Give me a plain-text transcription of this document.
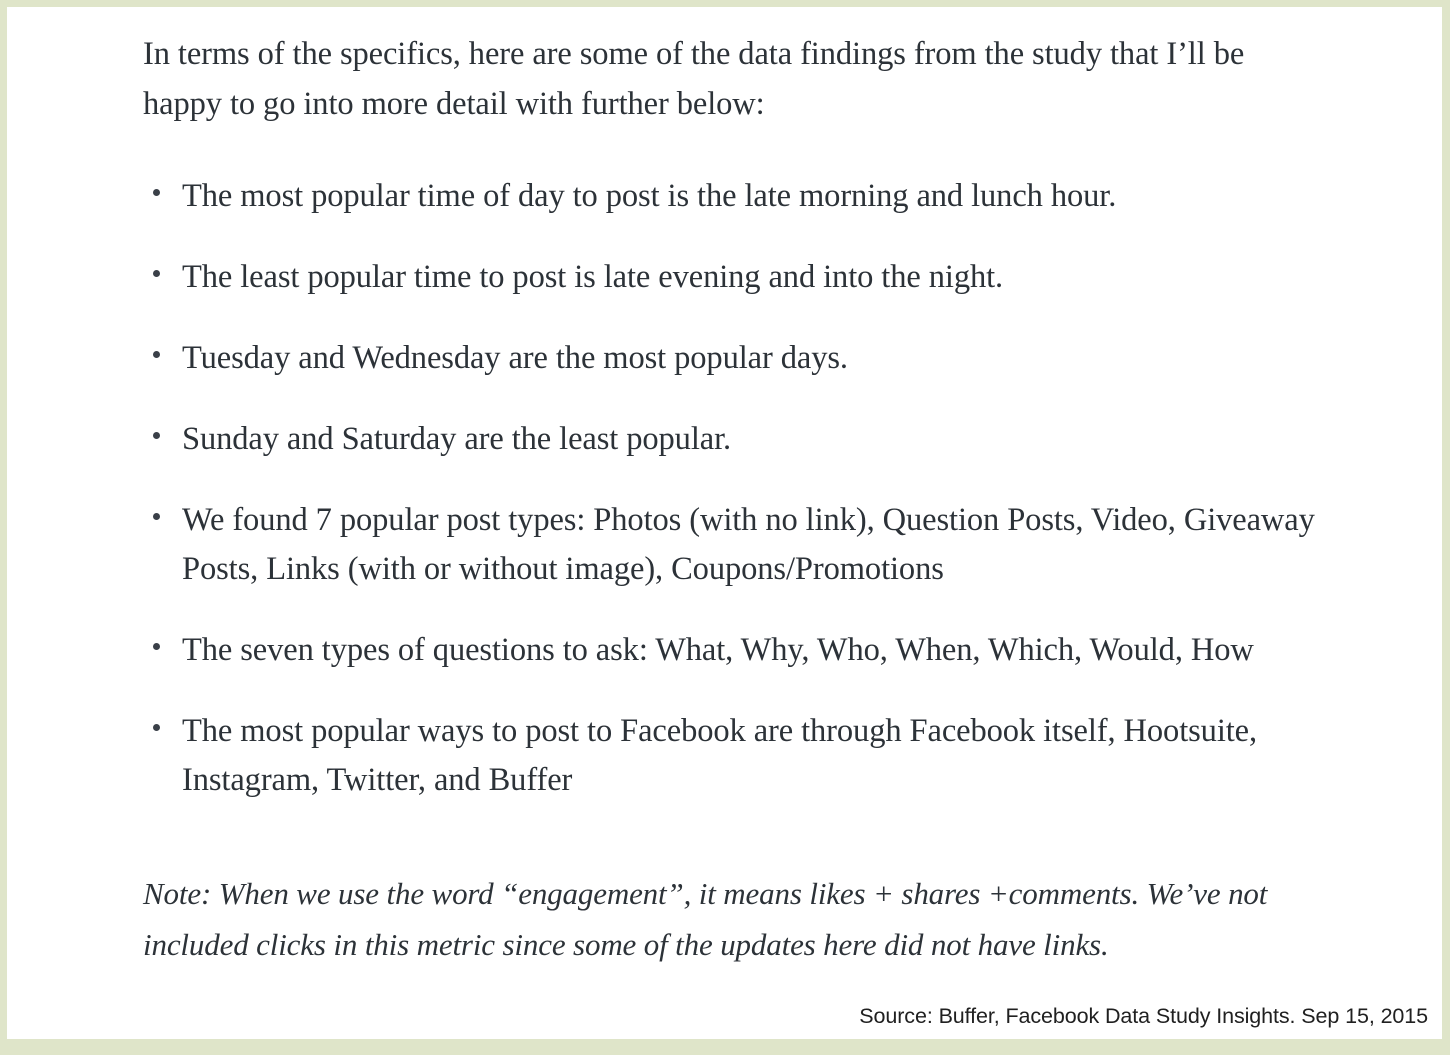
In terms of the specifics, here are some of the data findings from the study that I’ll be happy to go into more detail with further below:

The most popular time of day to post is the late morning and lunch hour.
The least popular time to post is late evening and into the night.
Tuesday and Wednesday are the most popular days.
Sunday and Saturday are the least popular.
We found 7 popular post types: Photos (with no link), Question Posts, Video, Giveaway Posts, Links (with or without image), Coupons/Promotions
The seven types of questions to ask: What, Why, Who, When, Which, Would, How
The most popular ways to post to Facebook are through Facebook itself, Hootsuite, Instagram, Twitter, and Buffer

Note: When we use the word “engagement”, it means likes + shares +comments. We’ve not included clicks in this metric since some of the updates here did not have links.

Source: Buffer, Facebook Data Study Insights. Sep 15, 2015
